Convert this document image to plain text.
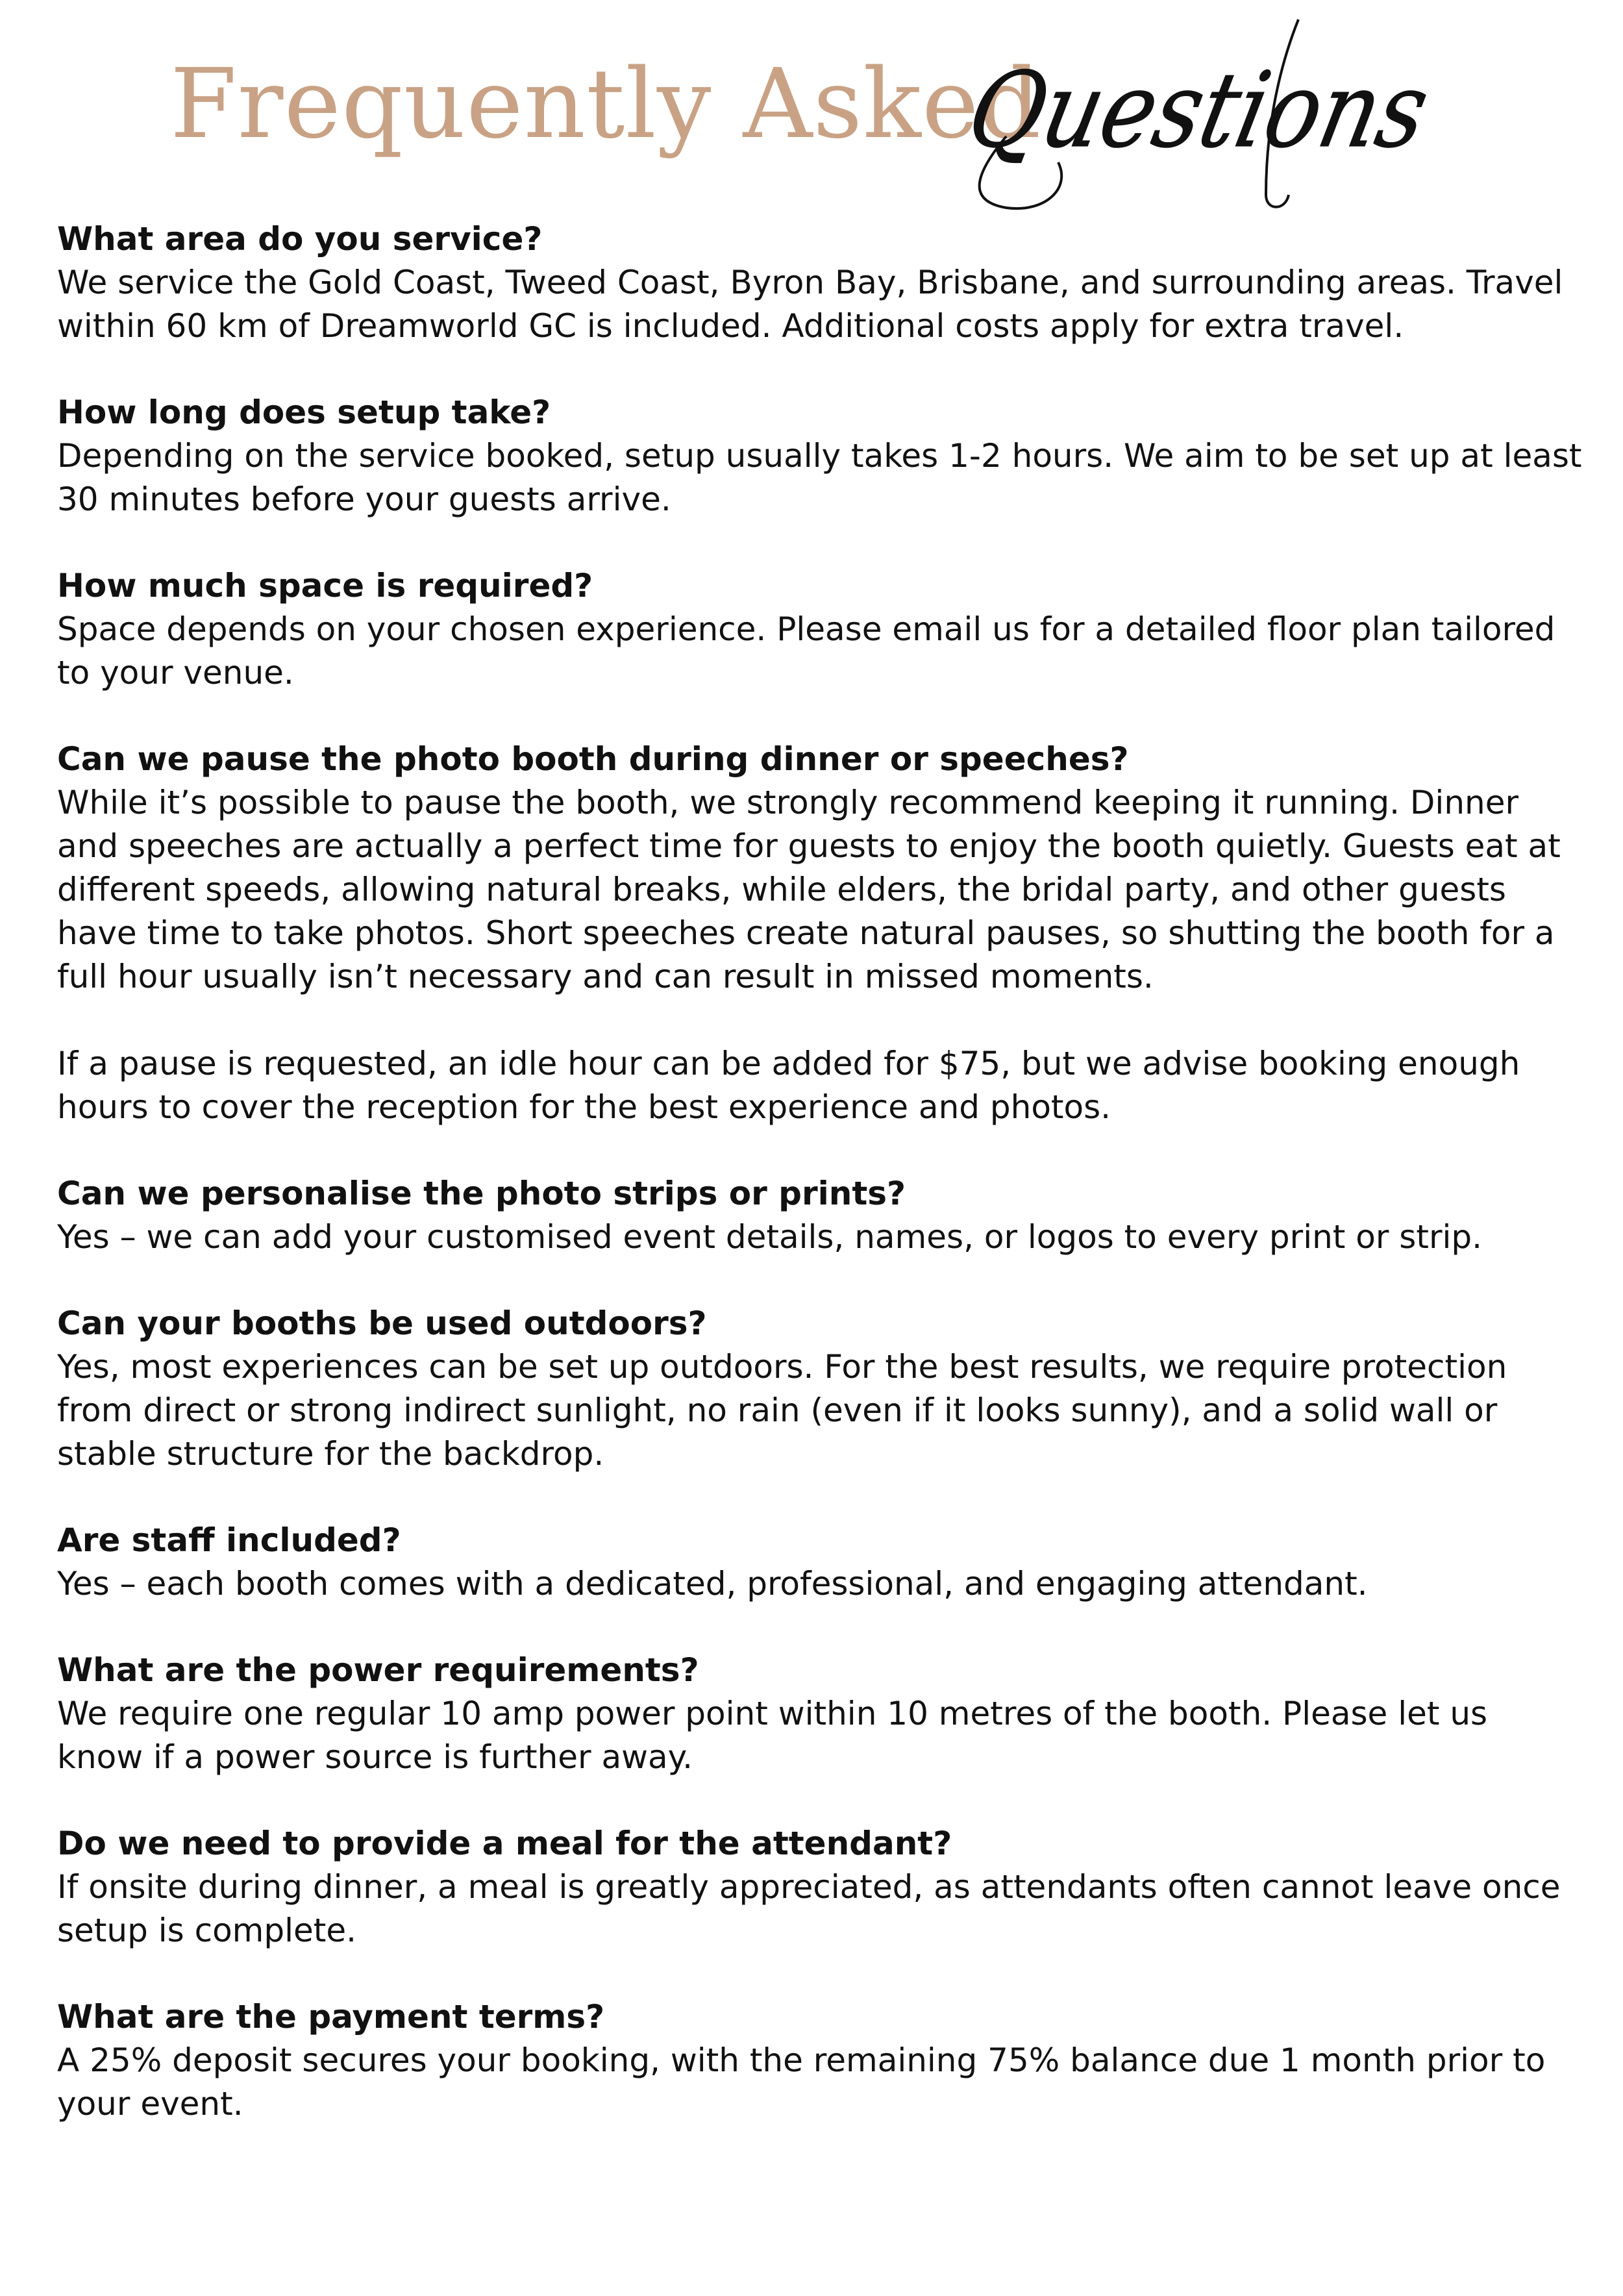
Frequently Asked
Questions

What area do you service?

We service the Gold Coast, Tweed Coast, Byron Bay, Brisbane, and surrounding areas. Travel within 60 km of Dreamworld GC is included. Additional costs apply for extra travel.

How long does setup take?

Depending on the service booked, setup usually takes 1-2 hours. We aim to be set up at least 30 minutes before your guests arrive.

How much space is required?

Space depends on your chosen experience. Please email us for a detailed floor plan tailored to your venue.

Can we pause the photo booth during dinner or speeches?

While it’s possible to pause the booth, we strongly recommend keeping it running. Dinner and speeches are actually a perfect time for guests to enjoy the booth quietly. Guests eat at different speeds, allowing natural breaks, while elders, the bridal party, and other guests have time to take photos. Short speeches create natural pauses, so shutting the booth for a full hour usually isn’t necessary and can result in missed moments.

If a pause is requested, an idle hour can be added for $75, but we advise booking enough hours to cover the reception for the best experience and photos.

Can we personalise the photo strips or prints?

Yes – we can add your customised event details, names, or logos to every print or strip.

Can your booths be used outdoors?

Yes, most experiences can be set up outdoors. For the best results, we require protection from direct or strong indirect sunlight, no rain (even if it looks sunny), and a solid wall or stable structure for the backdrop.

Are staff included?

Yes – each booth comes with a dedicated, professional, and engaging attendant.

What are the power requirements?

We require one regular 10 amp power point within 10 metres of the booth. Please let us know if a power source is further away.

Do we need to provide a meal for the attendant?

If onsite during dinner, a meal is greatly appreciated, as attendants often cannot leave once setup is complete.

What are the payment terms?

A 25% deposit secures your booking, with the remaining 75% balance due 1 month prior to your event.
